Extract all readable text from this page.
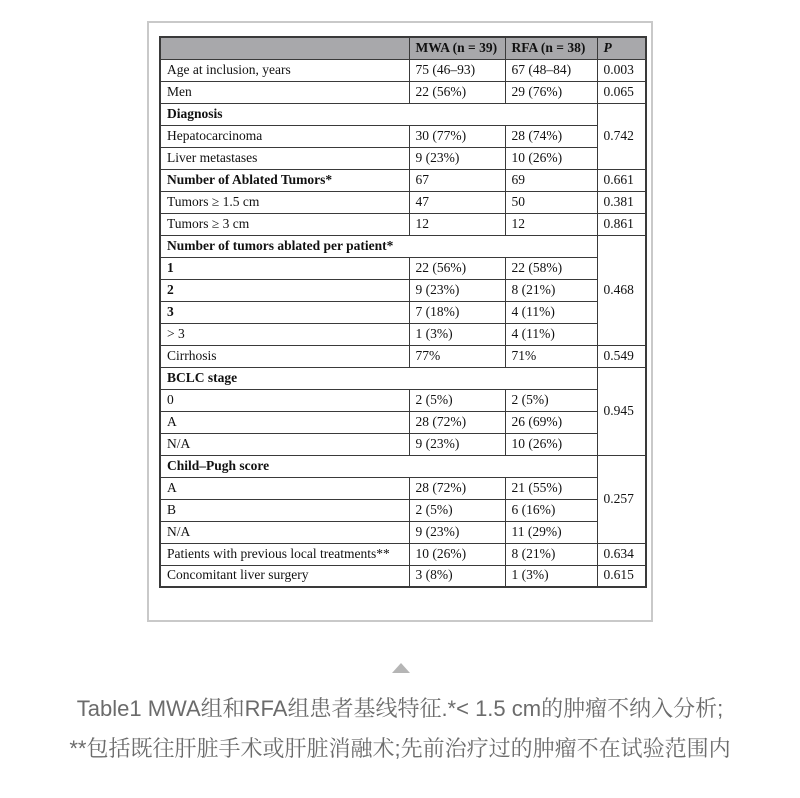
	MWA (n = 39)	RFA (n = 38)	P
Age at inclusion, years	75 (46–93)	67 (48–84)	0.003
Men	22 (56%)	29 (76%)	0.065
Diagnosis			0.742
Hepatocarcinoma	30 (77%)	28 (74%)	
Liver metastases	9 (23%)	10 (26%)	
Number of Ablated Tumors*	67	69	0.661
Tumors ≥ 1.5 cm	47	50	0.381
Tumors ≥ 3 cm	12	12	0.861
Number of tumors ablated per patient*			0.468
1	22 (56%)	22 (58%)	
2	9 (23%)	8 (21%)	
3	7 (18%)	4 (11%)	
> 3	1 (3%)	4 (11%)	
Cirrhosis	77%	71%	0.549
BCLC stage			0.945
0	2 (5%)	2 (5%)	
A	28 (72%)	26 (69%)	
N/A	9 (23%)	10 (26%)	
Child–Pugh score			0.257
A	28 (72%)	21 (55%)	
B	2 (5%)	6 (16%)	
N/A	9 (23%)	11 (29%)	
Patients with previous local treatments**	10 (26%)	8 (21%)	0.634
Concomitant liver surgery	3 (8%)	1 (3%)	0.615
Table1 MWA组和RFA组患者基线特征.*< 1.5 cm的肿瘤不纳入分析;
**包括既往肝脏手术或肝脏消融术;先前治疗过的肿瘤不在试验范围内
